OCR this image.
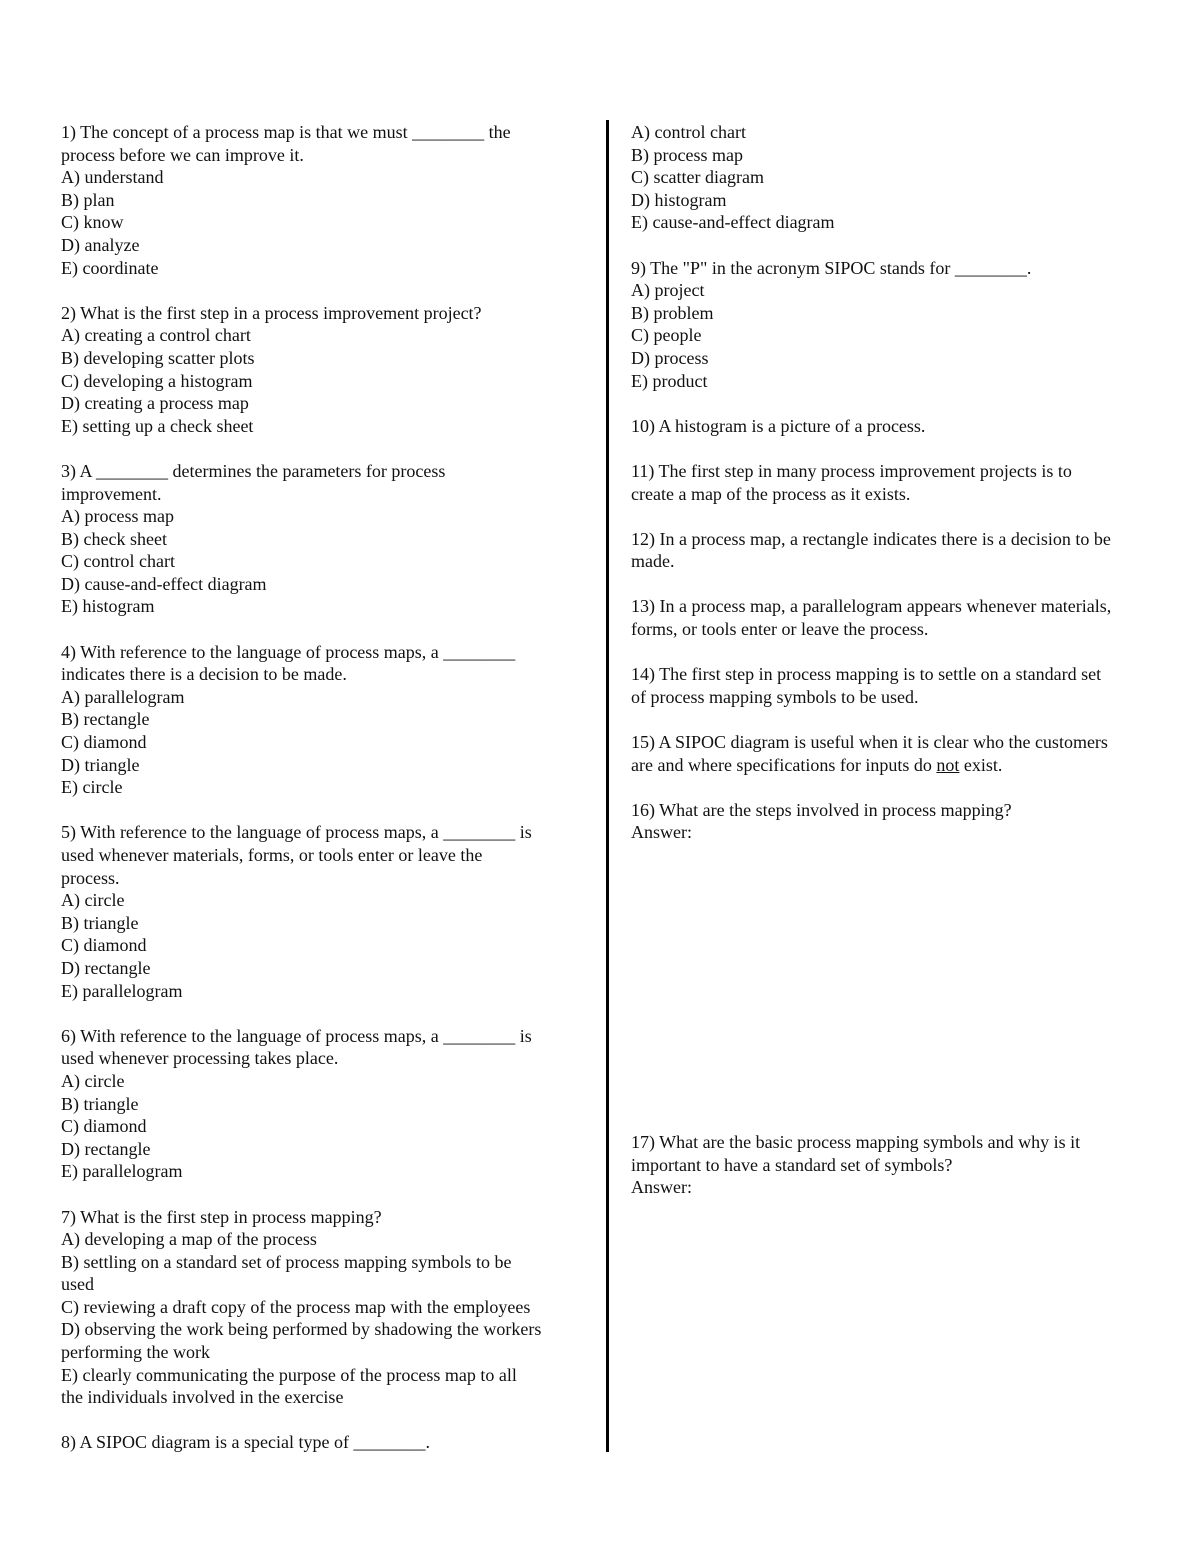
1) The concept of a process map is that we must ________ the
process before we can improve it.
A) understand
B) plan
C) know
D) analyze
E) coordinate
2) What is the first step in a process improvement project?
A) creating a control chart
B) developing scatter plots
C) developing a histogram
D) creating a process map
E) setting up a check sheet
3) A ________ determines the parameters for process
improvement.
A) process map
B) check sheet
C) control chart
D) cause-and-effect diagram
E) histogram
4) With reference to the language of process maps, a ________
indicates there is a decision to be made.
A) parallelogram
B) rectangle
C) diamond
D) triangle
E) circle
5) With reference to the language of process maps, a ________ is
used whenever materials, forms, or tools enter or leave the
process.
A) circle
B) triangle
C) diamond
D) rectangle
E) parallelogram
6) With reference to the language of process maps, a ________ is
used whenever processing takes place.
A) circle
B) triangle
C) diamond
D) rectangle
E) parallelogram
7) What is the first step in process mapping?
A) developing a map of the process
B) settling on a standard set of process mapping symbols to be
used
C) reviewing a draft copy of the process map with the employees
D) observing the work being performed by shadowing the workers
performing the work
E) clearly communicating the purpose of the process map to all
the individuals involved in the exercise
8) A SIPOC diagram is a special type of ________.
A) control chart
B) process map
C) scatter diagram
D) histogram
E) cause-and-effect diagram
9) The "P" in the acronym SIPOC stands for ________.
A) project
B) problem
C) people
D) process
E) product
10) A histogram is a picture of a process.
11) The first step in many process improvement projects is to
create a map of the process as it exists.
12) In a process map, a rectangle indicates there is a decision to be
made.
13) In a process map, a parallelogram appears whenever materials,
forms, or tools enter or leave the process.
14) The first step in process mapping is to settle on a standard set
of process mapping symbols to be used.
15) A SIPOC diagram is useful when it is clear who the customers
are and where specifications for inputs do not exist.
16) What are the steps involved in process mapping?
Answer:
17) What are the basic process mapping symbols and why is it
important to have a standard set of symbols?
Answer:
